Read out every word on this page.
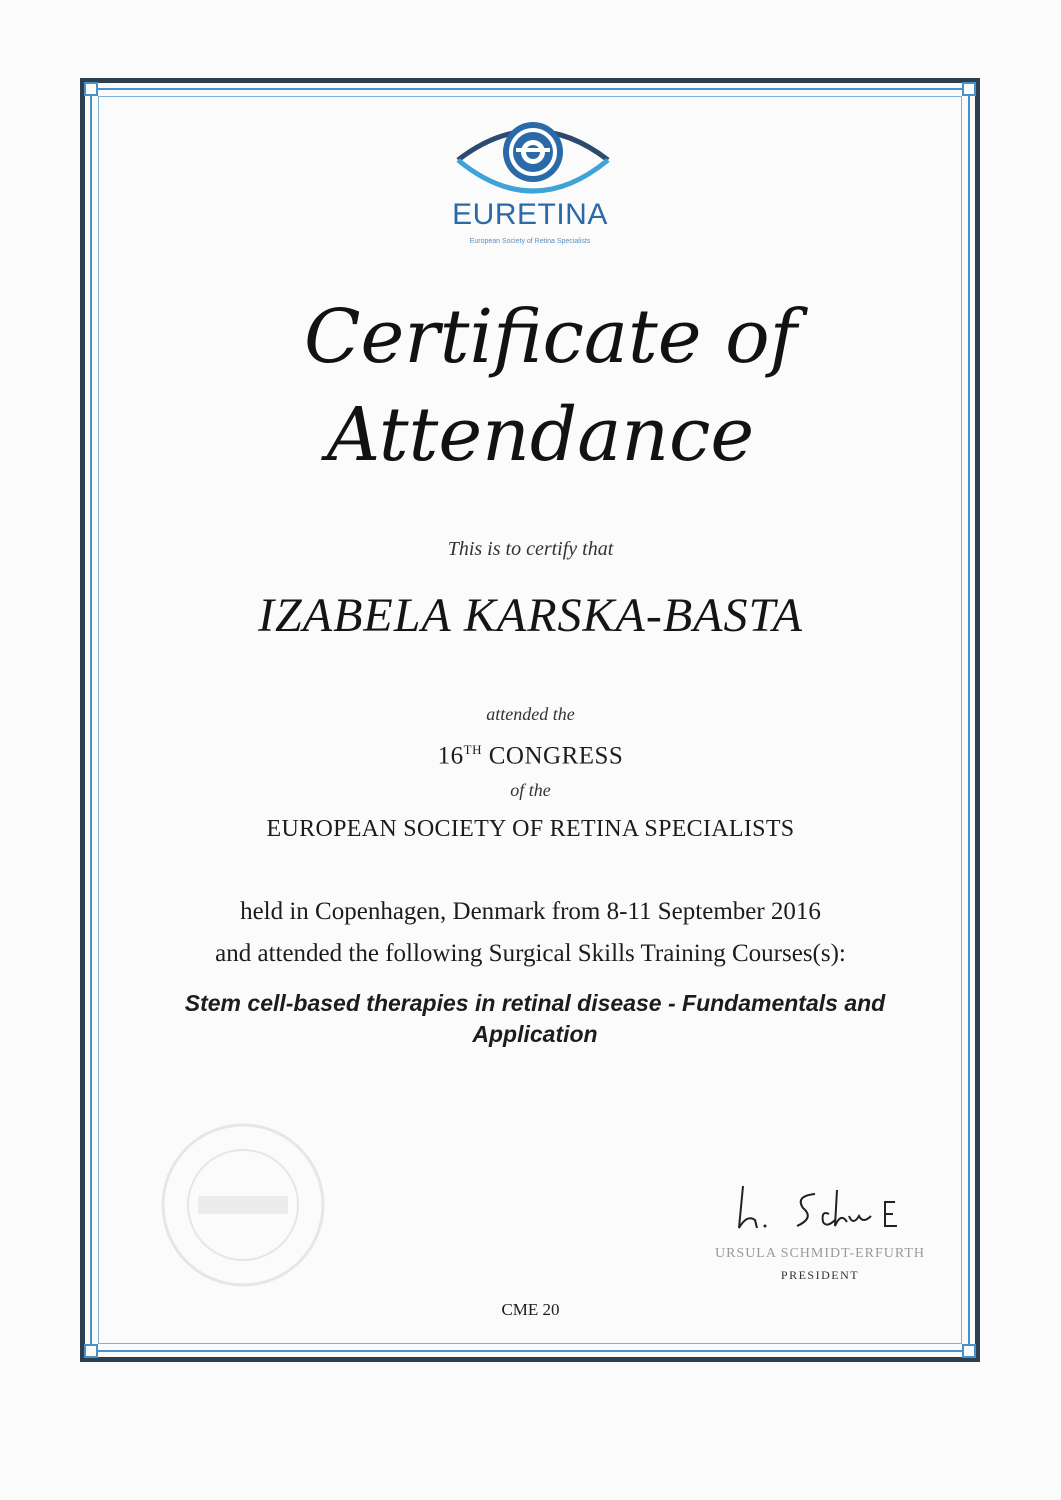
EURETINA
European Society of Retina Specialists
Certificate of
Attendance
This is to certify that
IZABELA KARSKA-BASTA
attended the
16TH CONGRESS
of the
EUROPEAN SOCIETY OF RETINA SPECIALISTS
held in Copenhagen, Denmark from 8-11 September 2016
and attended the following Surgical Skills Training Courses(s):
Stem cell-based therapies in retinal disease - Fundamentals and Application
URSULA SCHMIDT-ERFURTH
PRESIDENT
CME 20
